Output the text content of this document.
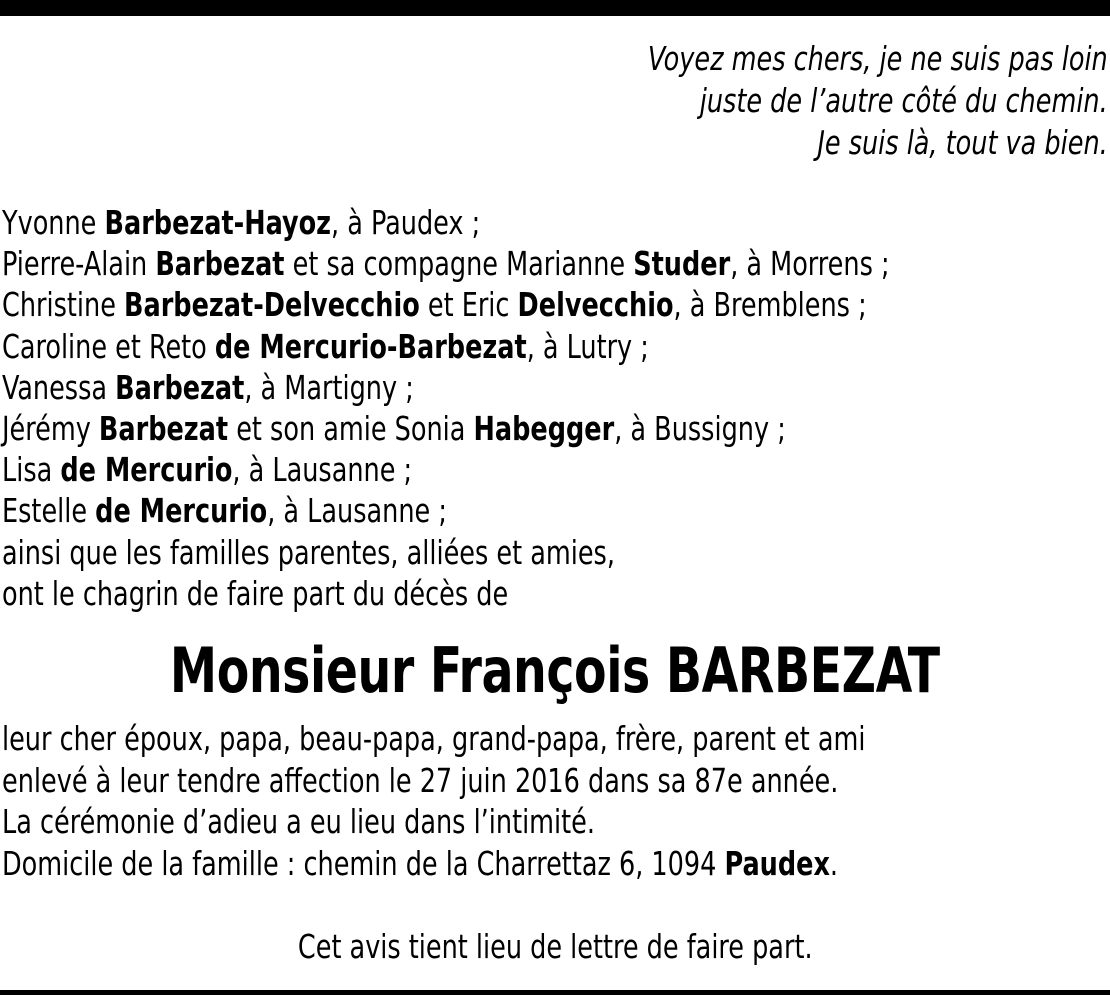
Voyez mes chers, je ne suis pas loin
juste de l’autre côté du chemin.
Je suis là, tout va bien.
Yvonne Barbezat-Hayoz, à Paudex ;
Pierre-Alain Barbezat et sa compagne Marianne Studer, à Morrens ;
Christine Barbezat-Delvecchio et Eric Delvecchio, à Bremblens ;
Caroline et Reto de Mercurio-Barbezat, à Lutry ;
Vanessa Barbezat, à Martigny ;
Jérémy Barbezat et son amie Sonia Habegger, à Bussigny ;
Lisa de Mercurio, à Lausanne ;
Estelle de Mercurio, à Lausanne ;
ainsi que les familles parentes, alliées et amies,
ont le chagrin de faire part du décès de
Monsieur François BARBEZAT
leur cher époux, papa, beau-papa, grand-papa, frère, parent et ami
enlevé à leur tendre affection le 27 juin 2016 dans sa 87e année.
La cérémonie d’adieu a eu lieu dans l’intimité.
Domicile de la famille : chemin de la Charrettaz 6, 1094 Paudex.
Cet avis tient lieu de lettre de faire part.
